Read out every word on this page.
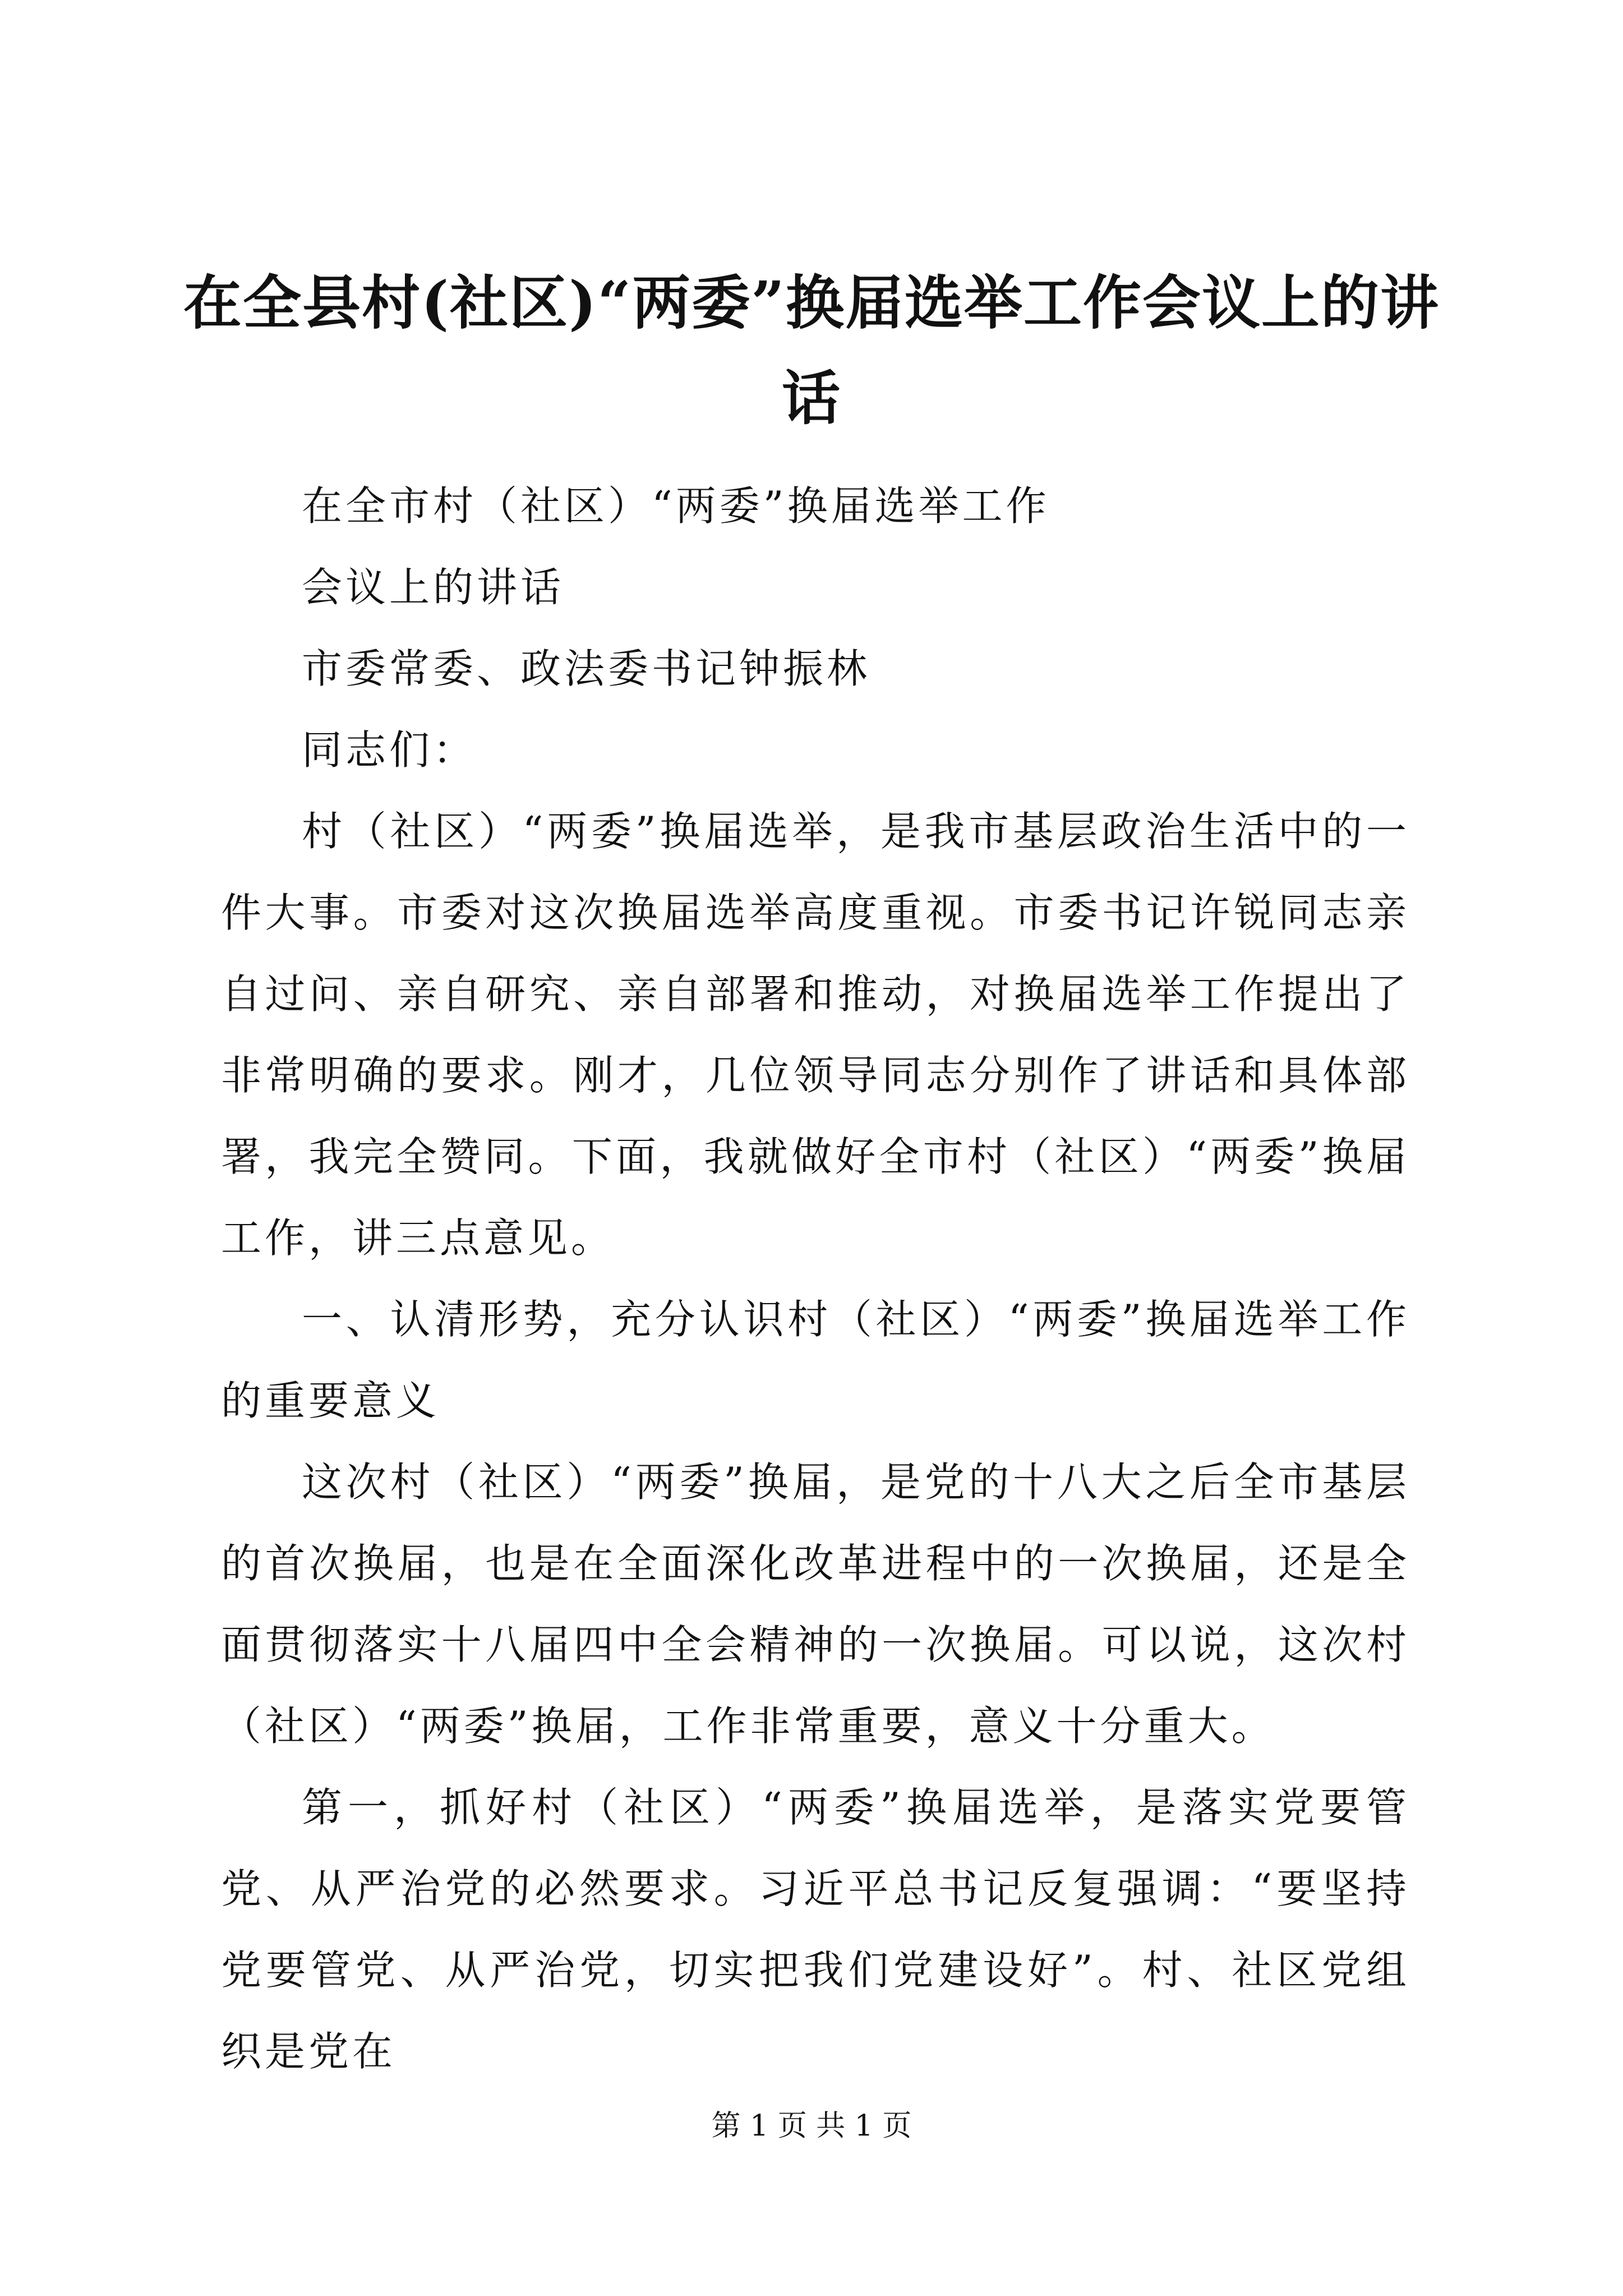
在全县村(社区)“两委”换届选举工作会议上的讲话

在全市村（社区）“两委”换届选举工作

会议上的讲话

市委常委、政法委书记钟振林

同志们：

村（社区）“两委”换届选举，是我市基层政治生活中的一件大事。市委对这次换届选举高度重视。市委书记许锐同志亲自过问、亲自研究、亲自部署和推动，对换届选举工作提出了非常明确的要求。刚才，几位领导同志分别作了讲话和具体部署，我完全赞同。下面，我就做好全市村（社区）“两委”换届工作，讲三点意见。

一、认清形势，充分认识村（社区）“两委”换届选举工作的重要意义

这次村（社区）“两委”换届，是党的十八大之后全市基层的首次换届，也是在全面深化改革进程中的一次换届，还是全面贯彻落实十八届四中全会精神的一次换届。可以说，这次村（社区）“两委”换届，工作非常重要，意义十分重大。

第一，抓好村（社区）“两委”换届选举，是落实党要管党、从严治党的必然要求。习近平总书记反复强调：“要坚持党要管党、从严治党，切实把我们党建设好”。村、社区党组织是党在

第 1 页 共 1 页
